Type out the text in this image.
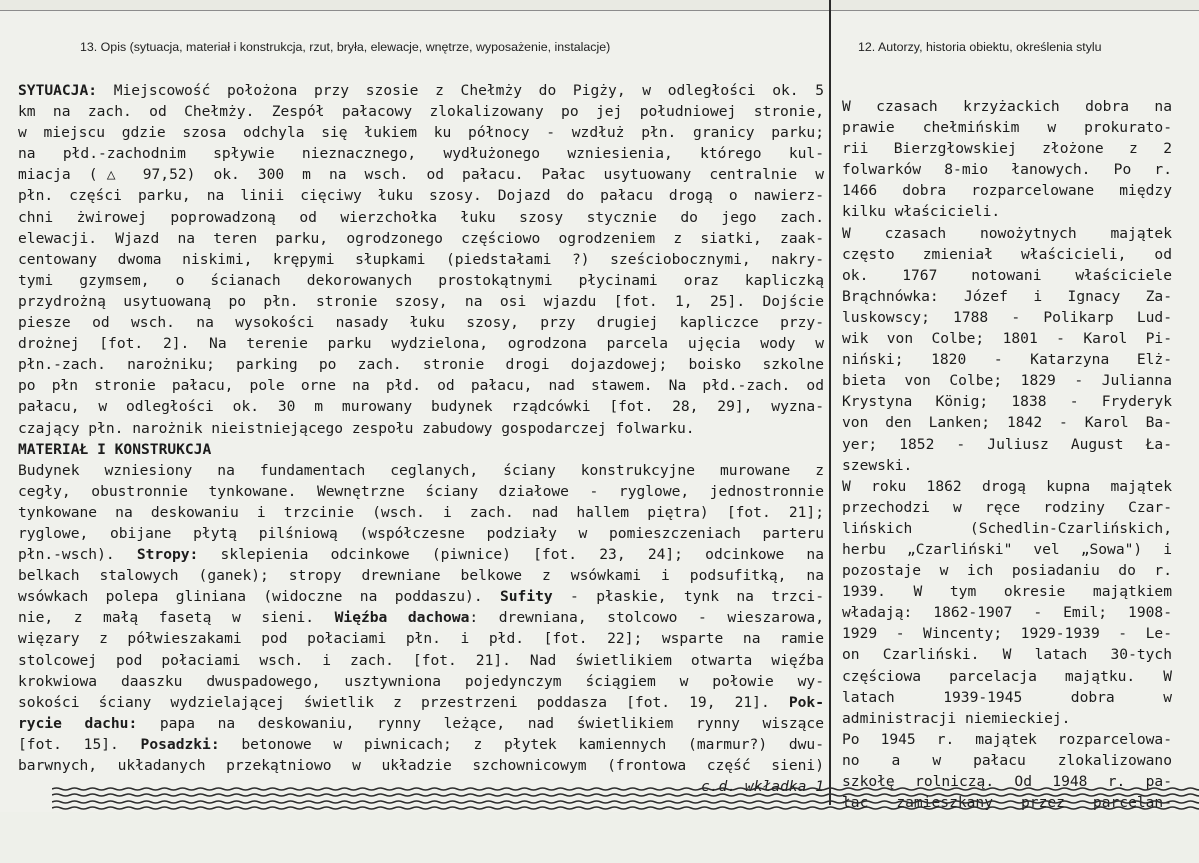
13. Opis (sytuacja, materiał i konstrukcja, rzut, bryła, elewacje, wnętrze, wyposażenie, instalacje)	12. Autorzy, historia obiektu, określenia stylu
SYTUACJA: Miejscowość położona przy szosie z Chełmży do Pigży, w odległości ok. 5
km na zach. od Chełmży. Zespół pałacowy zlokalizowany po jej południowej stronie,
w miejscu gdzie szosa odchyla się łukiem ku północy - wzdłuż płn. granicy parku;
na płd.-zachodnim spływie nieznacznego, wydłużonego wzniesienia, którego kul-
miacja (△ 97,52) ok. 300 m na wsch. od pałacu. Pałac usytuowany centralnie w
płn. części parku, na linii cięciwy łuku szosy. Dojazd do pałacu drogą o nawierz-
chni żwirowej poprowadzoną od wierzchołka łuku szosy stycznie do jego zach.
elewacji. Wjazd na teren parku, ogrodzonego częściowo ogrodzeniem z siatki, zaak-
centowany dwoma niskimi, krępymi słupkami (piedstałami ?) sześciobocznymi, nakry-
tymi gzymsem, o ścianach dekorowanych prostokątnymi płycinami oraz kapliczką
przydrożną usytuowaną po płn. stronie szosy, na osi wjazdu [fot. 1, 25]. Dojście
piesze od wsch. na wysokości nasady łuku szosy, przy drugiej kapliczce przy-
drożnej [fot. 2]. Na terenie parku wydzielona, ogrodzona parcela ujęcia wody w
płn.-zach. narożniku; parking po zach. stronie drogi dojazdowej; boisko szkolne
po płn stronie pałacu, pole orne na płd. od pałacu, nad stawem. Na płd.-zach. od
pałacu, w odległości ok. 30 m murowany budynek rządcówki [fot. 28, 29], wyzna-
czający płn. narożnik nieistniejącego zespołu zabudowy gospodarczej folwarku.
MATERIAŁ I KONSTRUKCJA
Budynek wzniesiony na fundamentach ceglanych, ściany konstrukcyjne murowane z
cegły, obustronnie tynkowane. Wewnętrzne ściany działowe - ryglowe, jednostronnie
tynkowane na deskowaniu i trzcinie (wsch. i zach. nad hallem piętra) [fot. 21];
ryglowe, obijane płytą pilśniową (współczesne podziały w pomieszczeniach parteru
płn.-wsch). Stropy: sklepienia odcinkowe (piwnice) [fot. 23, 24]; odcinkowe na
belkach stalowych (ganek); stropy drewniane belkowe z wsówkami i podsufitką, na
wsówkach polepa gliniana (widoczne na poddaszu). Sufity - płaskie, tynk na trzci-
nie, z małą fasetą w sieni. Więźba dachowa: drewniana, stolcowo - wieszarowa,
więzary z półwieszakami pod połaciami płn. i płd. [fot. 22]; wsparte na ramie
stolcowej pod połaciami wsch. i zach. [fot. 21]. Nad świetlikiem otwarta więźba
krokwiowa daaszku dwuspadowego, usztywniona pojedynczym ściągiem w połowie wy-
sokości ściany wydzielającej świetlik z przestrzeni poddasza [fot. 19, 21]. Pok-
rycie dachu: papa na deskowaniu, rynny leżące, nad świetlikiem rynny wiszące
[fot. 15]. Posadzki: betonowe w piwnicach; z płytek kamiennych (marmur?) dwu-
barwnych, układanych przekątniowo w układzie szchownicowym (frontowa część sieni)
c.d. wkładka 1
W czasach krzyżackich dobra na
prawie chełmińskim w prokurato-
rii Bierzgłowskiej złożone z 2
folwarków 8-mio łanowych. Po r.
1466 dobra rozparcelowane między
kilku właścicieli.
W czasach nowożytnych majątek
często zmieniał właścicieli, od
ok. 1767 notowani właściciele
Brąchnówka: Józef i Ignacy Za-
luskowscy; 1788 - Polikarp Lud-
wik von Colbe; 1801 - Karol Pi-
niński; 1820 - Katarzyna Elż-
bieta von Colbe; 1829 - Julianna
Krystyna König; 1838 - Fryderyk
von den Lanken; 1842 - Karol Ba-
yer; 1852 - Juliusz August Ła-
szewski.
W roku 1862 drogą kupna majątek
przechodzi w ręce rodziny Czar-
lińskich (Schedlin-Czarlińskich,
herbu „Czarliński" vel „Sowa") i
pozostaje w ich posiadaniu do r.
1939. W tym okresie majątkiem
władają: 1862-1907 - Emil; 1908-
1929 - Wincenty; 1929-1939 - Le-
on Czarliński. W latach 30-tych
częściowa parcelacja majątku. W
latach 1939-1945 dobra w
administracji niemieckiej.
Po 1945 r. majątek rozparcelowa-
no a w pałacu zlokalizowano
szkołę rolniczą. Od 1948 r. pa-
łac zamieszkany przez parcelan-
